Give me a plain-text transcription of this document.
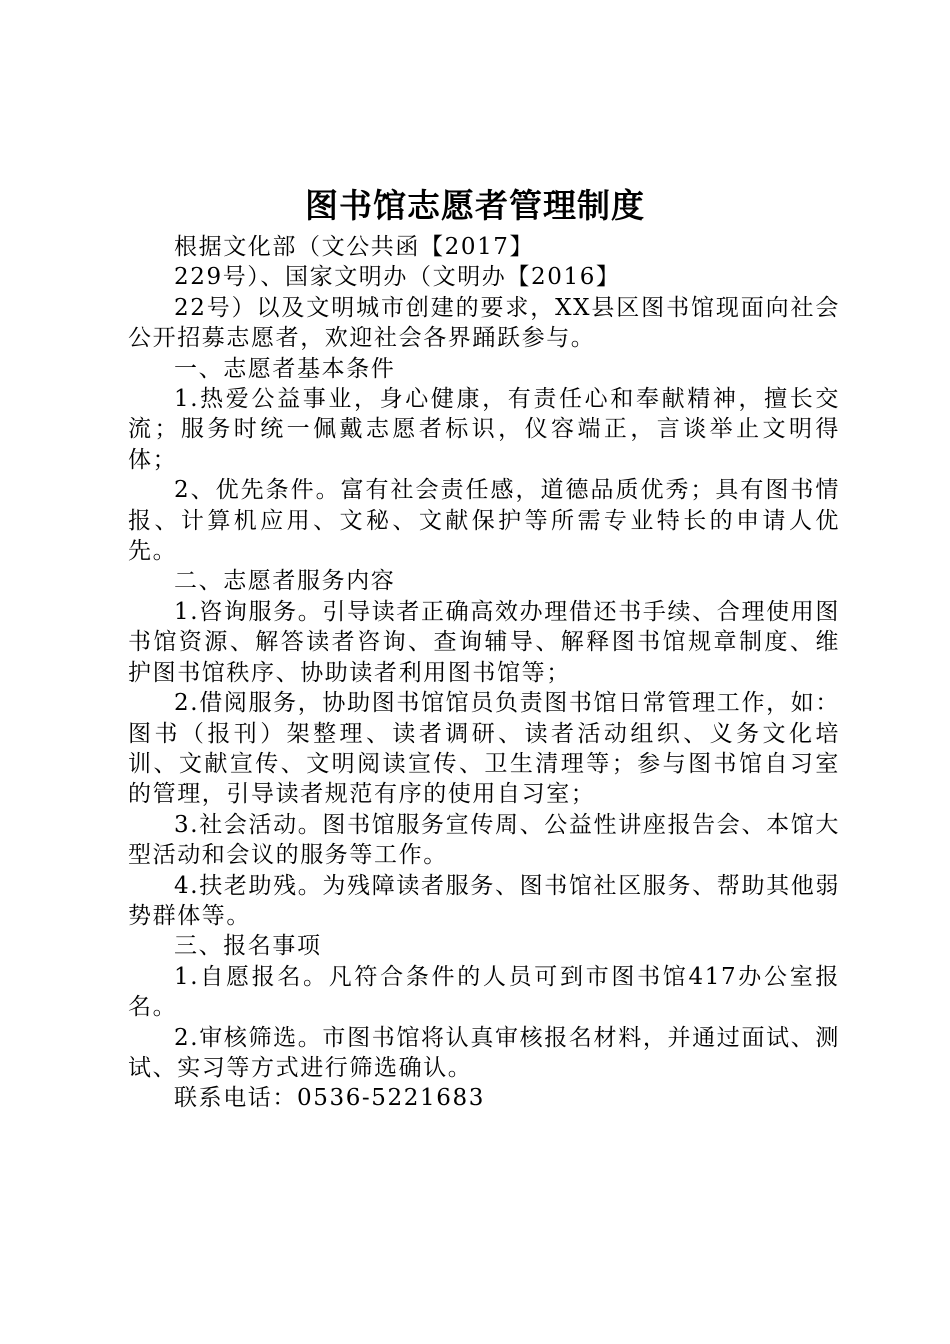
图书馆志愿者管理制度

根据文化部（文公共函【2017】

229号）、国家文明办（文明办【2016】

22号）以及文明城市创建的要求，XX县区图书馆现面向社会公开招募志愿者，欢迎社会各界踊跃参与。

一、志愿者基本条件

1.热爱公益事业，身心健康，有责任心和奉献精神，擅长交流；服务时统一佩戴志愿者标识，仪容端正，言谈举止文明得体；

2、优先条件。富有社会责任感，道德品质优秀；具有图书情报、计算机应用、文秘、文献保护等所需专业特长的申请人优先。

二、志愿者服务内容

1.咨询服务。引导读者正确高效办理借还书手续、合理使用图书馆资源、解答读者咨询、查询辅导、解释图书馆规章制度、维护图书馆秩序、协助读者利用图书馆等；

2.借阅服务，协助图书馆馆员负责图书馆日常管理工作，如：图书（报刊）架整理、读者调研、读者活动组织、义务文化培训、文献宣传、文明阅读宣传、卫生清理等；参与图书馆自习室的管理，引导读者规范有序的使用自习室；

3.社会活动。图书馆服务宣传周、公益性讲座报告会、本馆大型活动和会议的服务等工作。

4.扶老助残。为残障读者服务、图书馆社区服务、帮助其他弱势群体等。

三、报名事项

1.自愿报名。凡符合条件的人员可到市图书馆417办公室报名。

2.审核筛选。市图书馆将认真审核报名材料，并通过面试、测试、实习等方式进行筛选确认。

联系电话：0536-5221683
